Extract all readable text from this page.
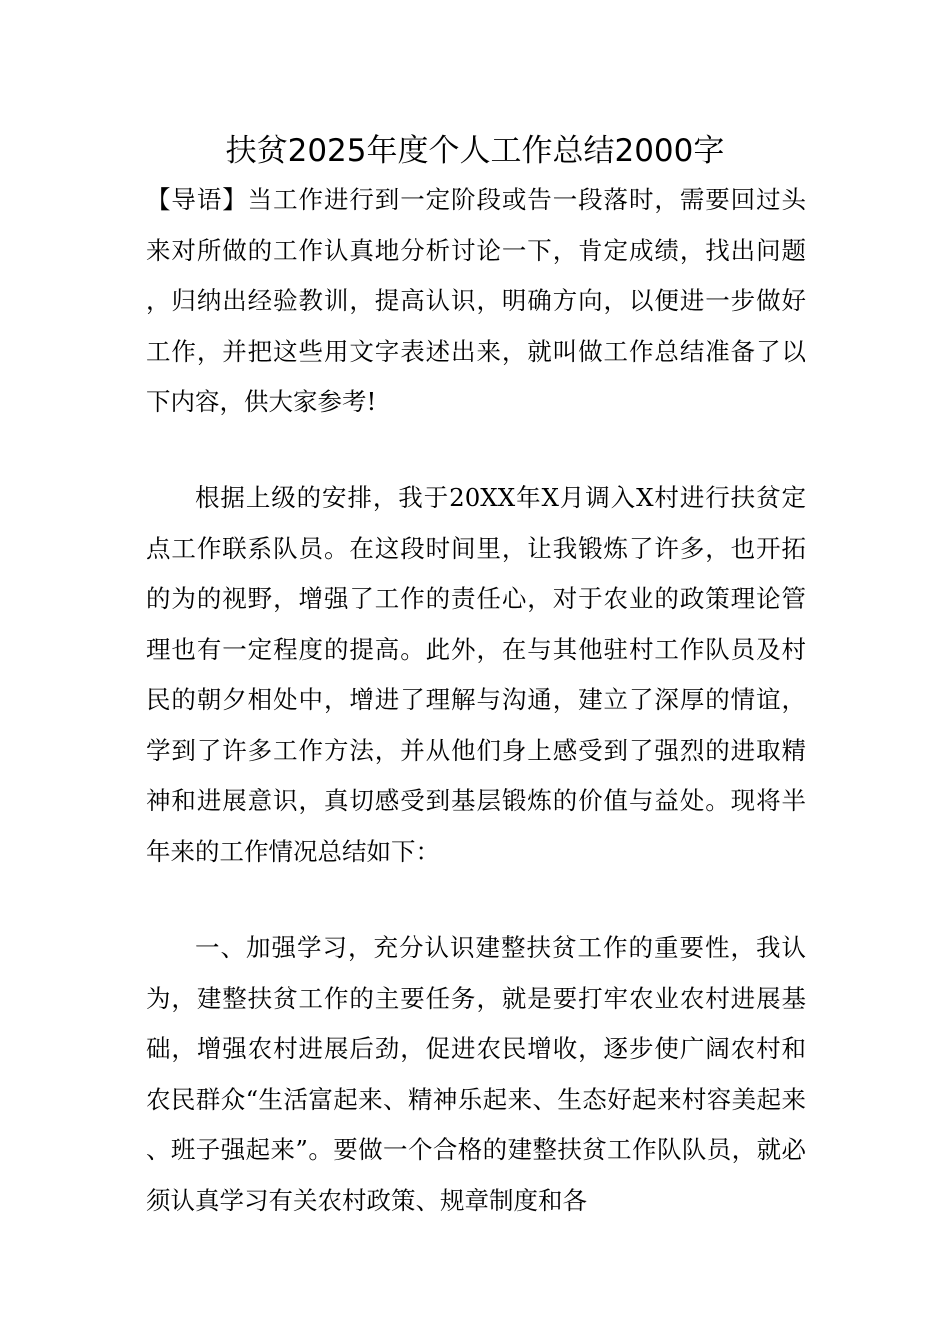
扶贫2025年度个人工作总结2000字
【导语】当工作进行到一定阶段或告一段落时，需要回过头来对所做的工作认真地分析讨论一下，肯定成绩，找出问题，归纳出经验教训，提高认识，明确方向，以便进一步做好工作，并把这些用文字表述出来，就叫做工作总结准备了以下内容，供大家参考!
根据上级的安排，我于20XX年X月调入X村进行扶贫定点工作联系队员。在这段时间里，让我锻炼了许多，也开拓的为的视野，增强了工作的责任心，对于农业的政策理论管理也有一定程度的提高。此外，在与其他驻村工作队员及村民的朝夕相处中，增进了理解与沟通，建立了深厚的情谊，学到了许多工作方法，并从他们身上感受到了强烈的进取精神和进展意识，真切感受到基层锻炼的价值与益处。现将半年来的工作情况总结如下：
一、加强学习，充分认识建整扶贫工作的重要性，我认为，建整扶贫工作的主要任务，就是要打牢农业农村进展基础，增强农村进展后劲，促进农民增收，逐步使广阔农村和农民群众“生活富起来、精神乐起来、生态好起来村容美起来、班子强起来”。要做一个合格的建整扶贫工作队队员，就必须认真学习有关农村政策、规章制度和各
